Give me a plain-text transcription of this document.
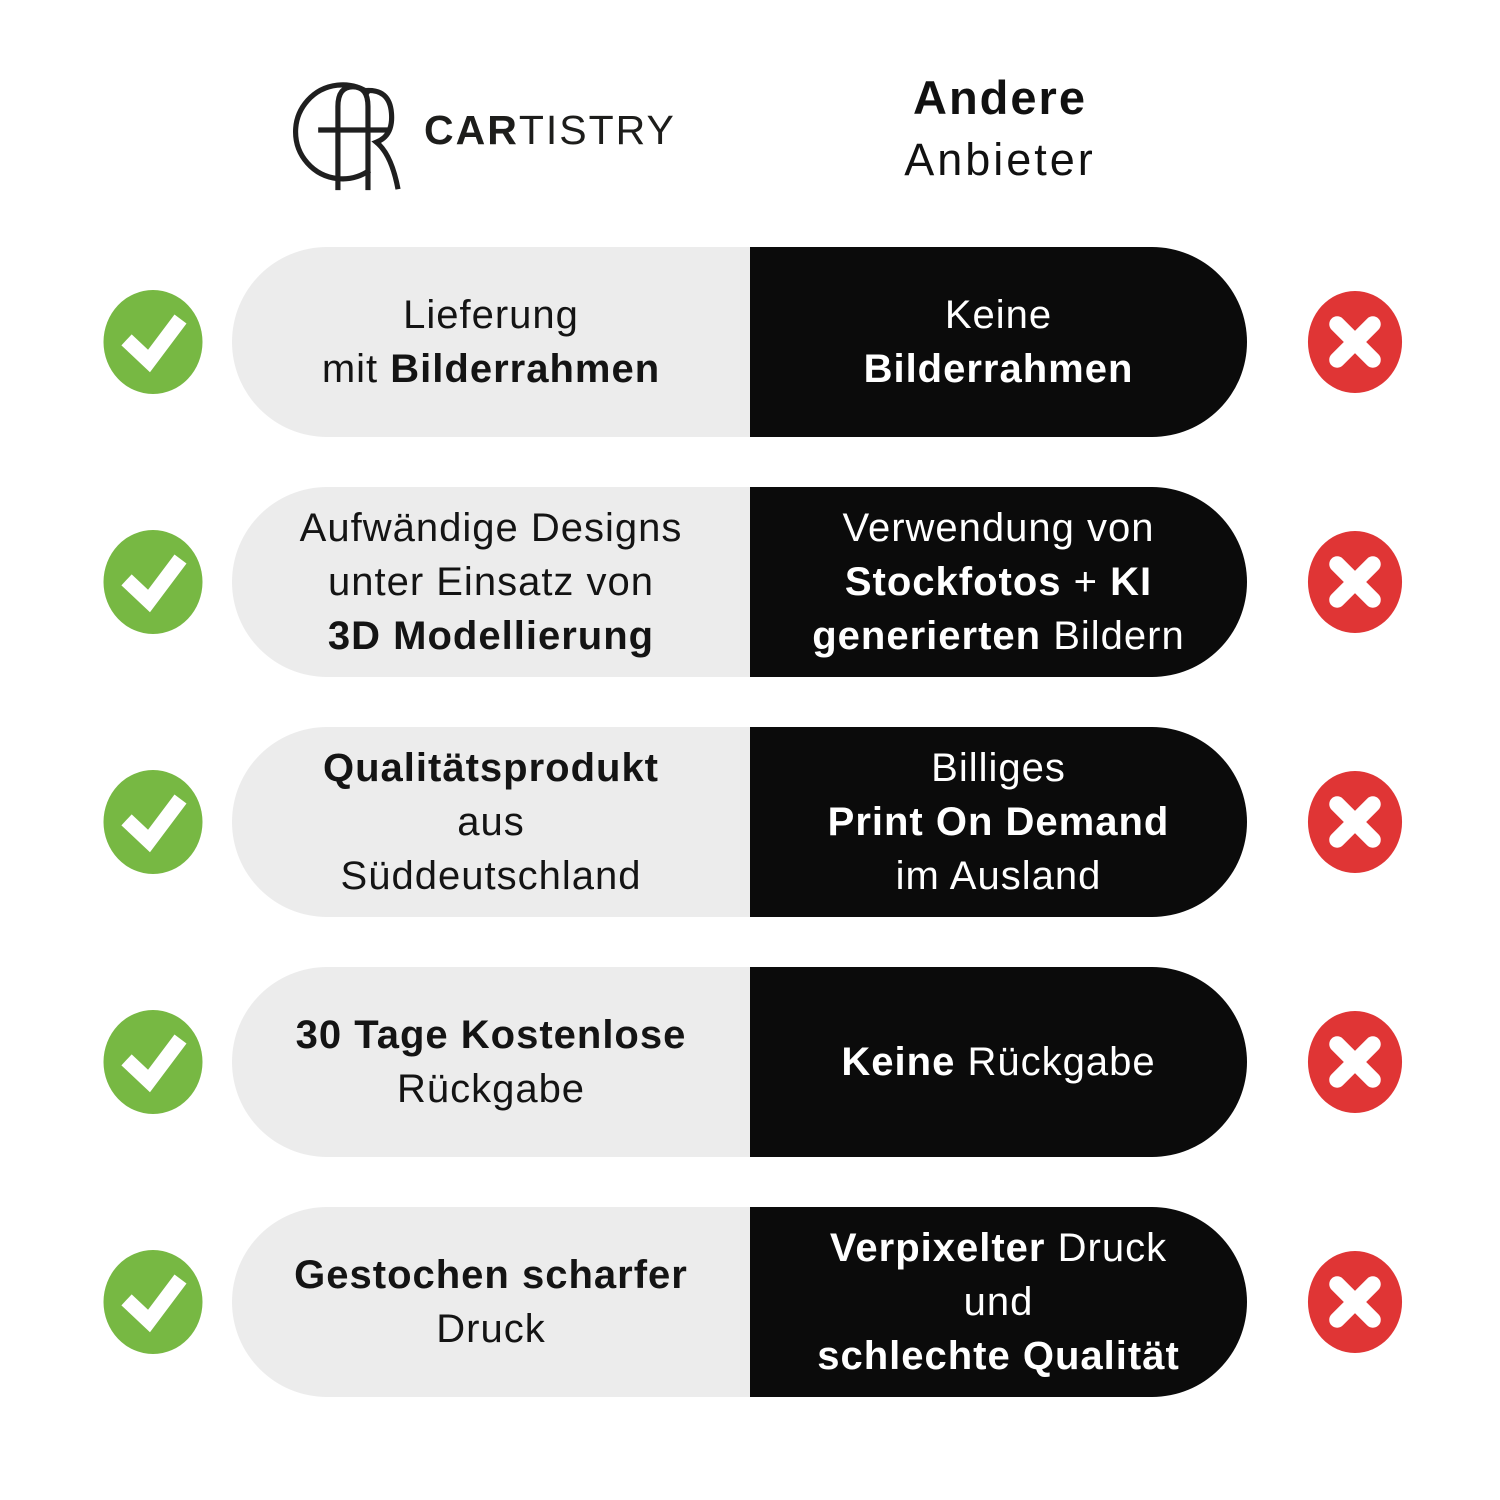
CARTISTRY
Andere
Anbieter
Lieferung
mit Bilderrahmen
Keine
Bilderrahmen
Aufwändige Designs
unter Einsatz von
3D Modellierung
Verwendung von
Stockfotos + KI
generierten Bildern
Qualitätsprodukt
aus
Süddeutschland
Billiges
Print On Demand
im Ausland
30 Tage Kostenlose
Rückgabe
Keine Rückgabe
Gestochen scharfer
Druck
Verpixelter Druck
und
schlechte Qualität
